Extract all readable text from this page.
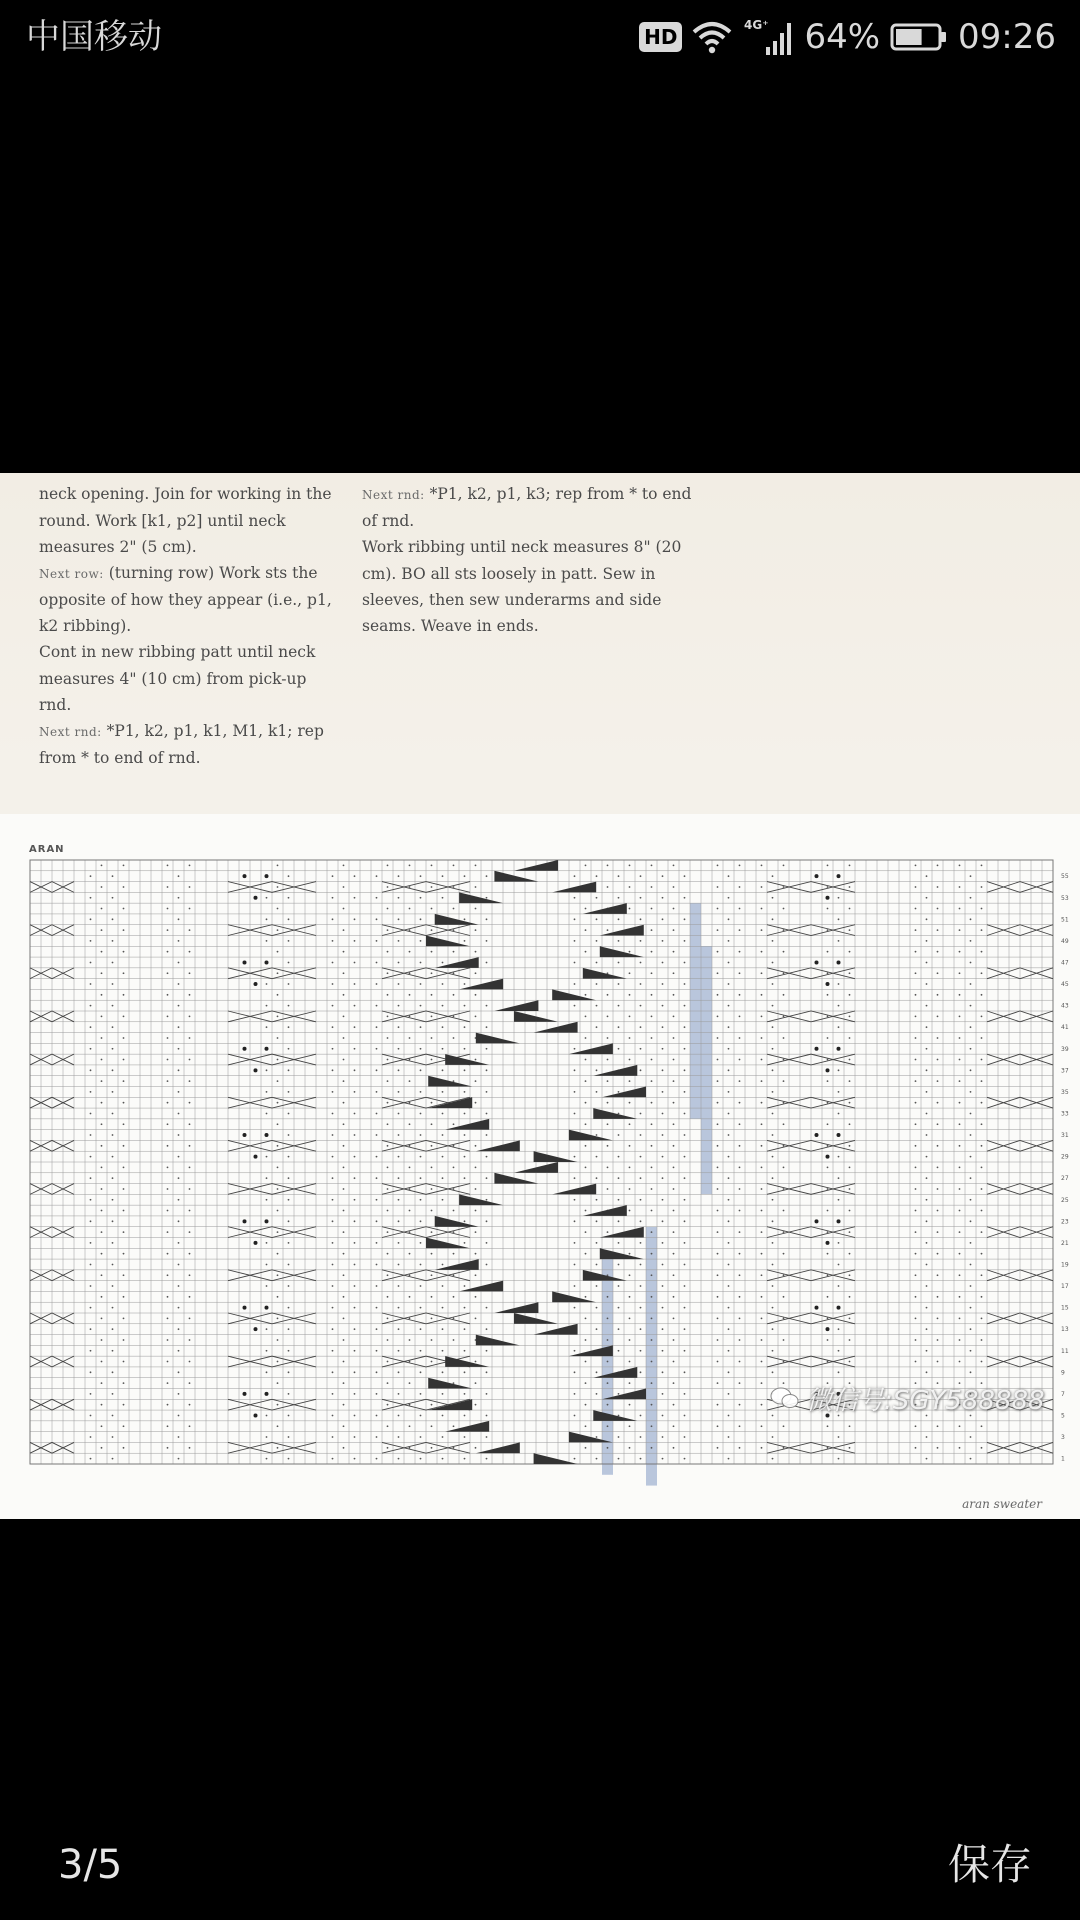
中国移动	HD	4G⁺ 64% 09:26

neck opening. Join for working in the round. Work [k1, p2] until neck measures 2" (5 cm).

Next row: (turning row) Work sts the opposite of how they appear (i.e., p1, k2 ribbing).

Cont in new ribbing patt until neck measures 4" (10 cm) from pick-up rnd.

Next rnd: *P1, k2, p1, k1, M1, k1; rep from * to end of rnd.

Next rnd: *P1, k2, p1, k3; rep from * to end of rnd.

Work ribbing until neck measures 8" (20 cm). BO all sts loosely in patt. Sew in sleeves, then sew underarms and side seams. Weave in ends.

ARAN
1
3
5
7
9
11
13
15
17
19
21
23
25
27
29
31
33
35
37
39
41
43
45
47
49
51
53
55
微信号:SGY588888
aran sweater
3/5	保存
